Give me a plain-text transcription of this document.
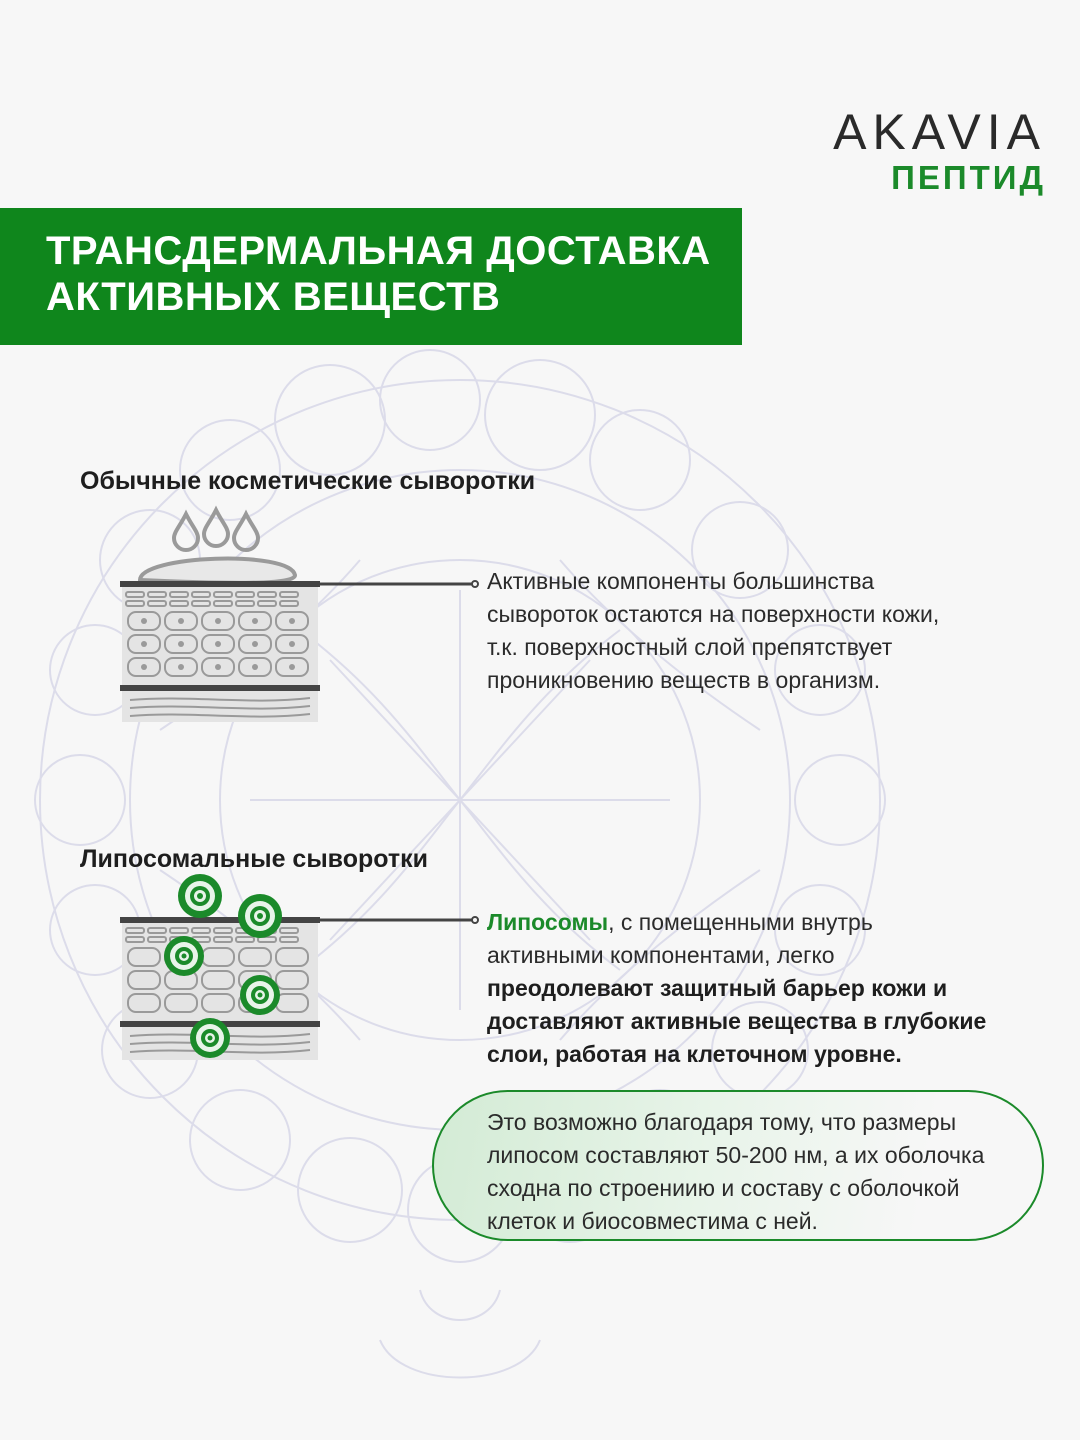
AKAVIA
ПЕПТИД
ТРАНСДЕРМАЛЬНАЯ ДОСТАВКА
АКТИВНЫХ ВЕЩЕСТВ
Обычные косметические сыворотки
Активные компоненты большинства
сывороток остаются на поверхности кожи,
т.к. поверхностный слой препятствует
проникновению веществ в организм.
Липосомальные сыворотки
Липосомы, с помещенными внутрь
активными компонентами, легко
преодолевают защитный барьер кожи и
доставляют активные вещества в глубокие
слои, работая на клеточном уровне.
Это возможно благодаря тому, что размеры
липосом составляют 50-200 нм, а их оболочка
сходна по строениию и составу с оболочкой
клеток и биосовместима с ней.
